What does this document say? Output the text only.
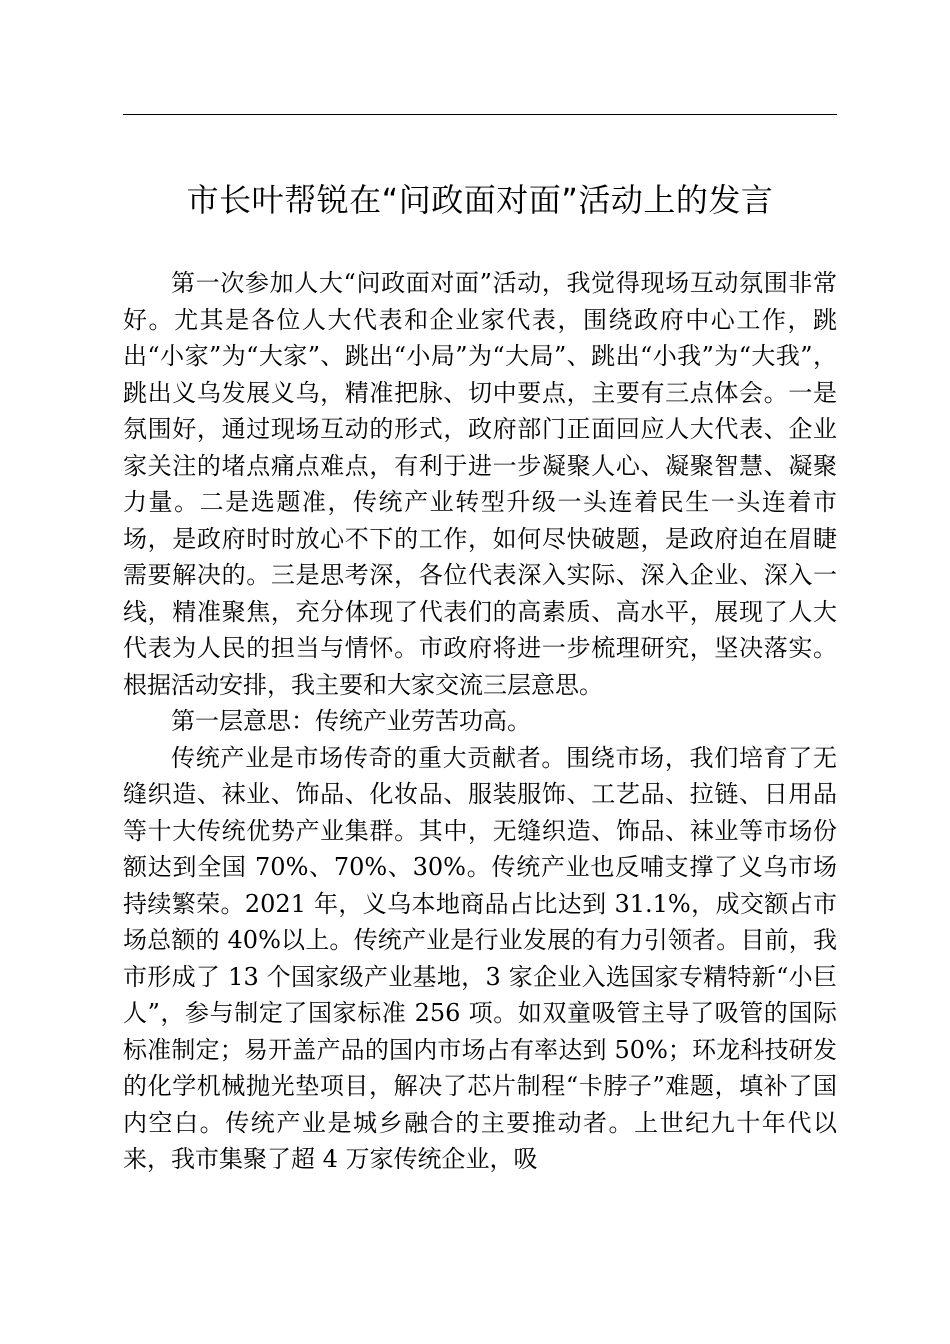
市长叶帮锐在“问政面对面”活动上的发言

第一次参加人大“问政面对面”活动，我觉得现场互动氛围非常好。尤其是各位人大代表和企业家代表，围绕政府中心工作，跳出“小家”为“大家”、跳出“小局”为“大局”、跳出“小我”为“大我”，跳出义乌发展义乌，精准把脉、切中要点，主要有三点体会。一是氛围好，通过现场互动的形式，政府部门正面回应人大代表、企业家关注的堵点痛点难点，有利于进一步凝聚人心、凝聚智慧、凝聚力量。二是选题准，传统产业转型升级一头连着民生一头连着市场，是政府时时放心不下的工作，如何尽快破题，是政府迫在眉睫需要解决的。三是思考深，各位代表深入实际、深入企业、深入一线，精准聚焦，充分体现了代表们的高素质、高水平，展现了人大代表为人民的担当与情怀。市政府将进一步梳理研究，坚决落实。根据活动安排，我主要和大家交流三层意思。

第一层意思：传统产业劳苦功高。

传统产业是市场传奇的重大贡献者。围绕市场，我们培育了无缝织造、袜业、饰品、化妆品、服装服饰、工艺品、拉链、日用品等十大传统优势产业集群。其中，无缝织造、饰品、袜业等市场份额达到全国 70%、70%、30%。传统产业也反哺支撑了义乌市场持续繁荣。2021 年，义乌本地商品占比达到 31.1%，成交额占市场总额的 40%以上。传统产业是行业发展的有力引领者。目前，我市形成了 13 个国家级产业基地，3 家企业入选国家专精特新“小巨人”，参与制定了国家标准 256 项。如双童吸管主导了吸管的国际标准制定；易开盖产品的国内市场占有率达到 50%；环龙科技研发的化学机械抛光垫项目，解决了芯片制程“卡脖子”难题，填补了国内空白。传统产业是城乡融合的主要推动者。上世纪九十年代以来，我市集聚了超 4 万家传统企业，吸
